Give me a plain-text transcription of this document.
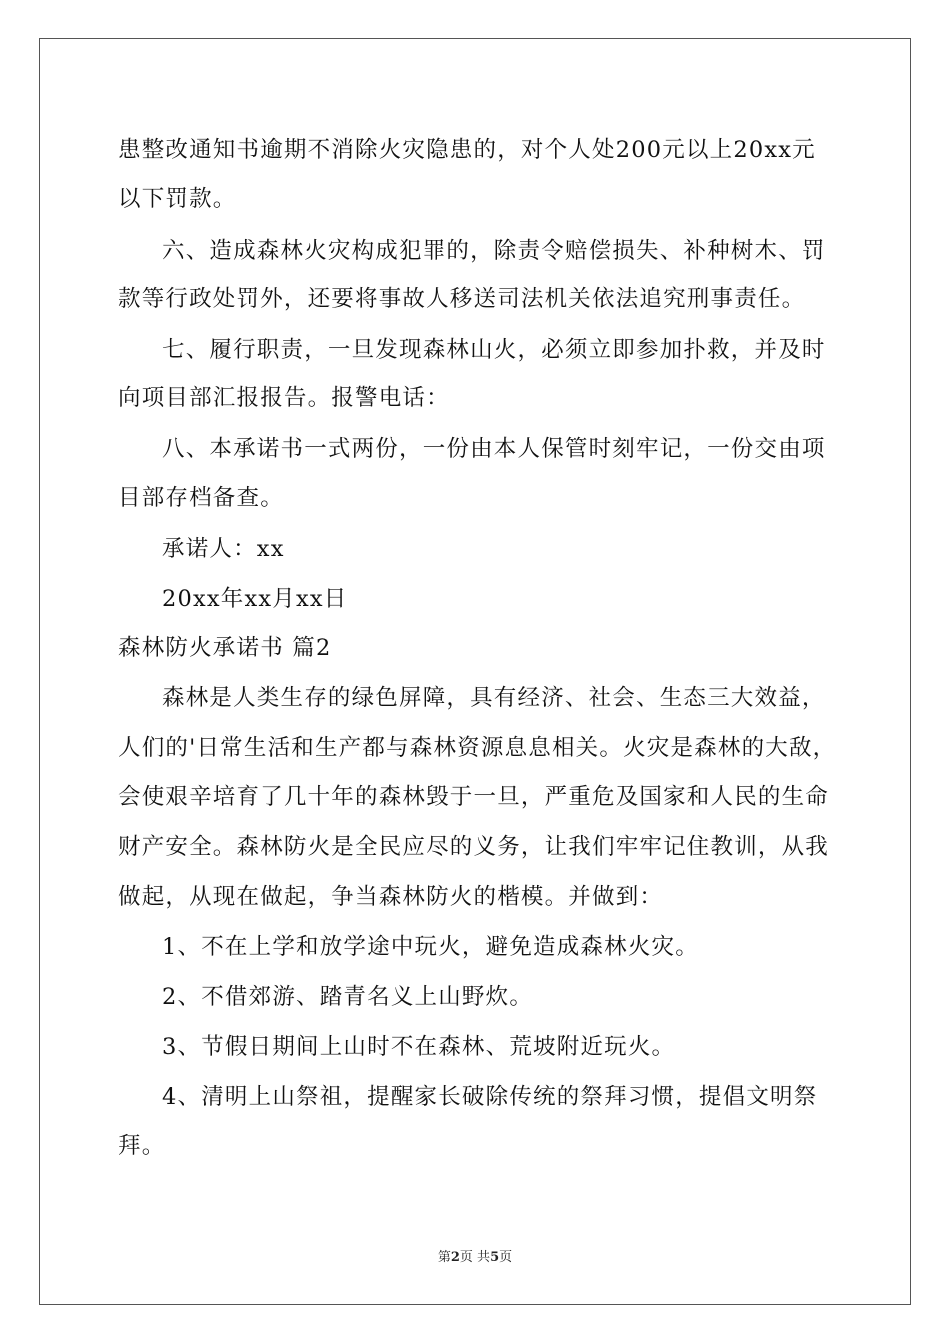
患整改通知书逾期不消除火灾隐患的，对个人处200元以上20xx元
以下罚款。
六、造成森林火灾构成犯罪的，除责令赔偿损失、补种树木、罚
款等行政处罚外，还要将事故人移送司法机关依法追究刑事责任。
七、履行职责，一旦发现森林山火，必须立即参加扑救，并及时
向项目部汇报报告。报警电话：
八、本承诺书一式两份，一份由本人保管时刻牢记，一份交由项
目部存档备查。
承诺人：xx
20xx年xx月xx日
森林防火承诺书 篇2
森林是人类生存的绿色屏障，具有经济、社会、生态三大效益，
人们的'日常生活和生产都与森林资源息息相关。火灾是森林的大敌，
会使艰辛培育了几十年的森林毁于一旦，严重危及国家和人民的生命
财产安全。森林防火是全民应尽的义务，让我们牢牢记住教训，从我
做起，从现在做起，争当森林防火的楷模。并做到：
1、不在上学和放学途中玩火，避免造成森林火灾。
2、不借郊游、踏青名义上山野炊。
3、节假日期间上山时不在森林、荒坡附近玩火。
4、清明上山祭祖，提醒家长破除传统的祭拜习惯，提倡文明祭
拜。
第2页 共5页
